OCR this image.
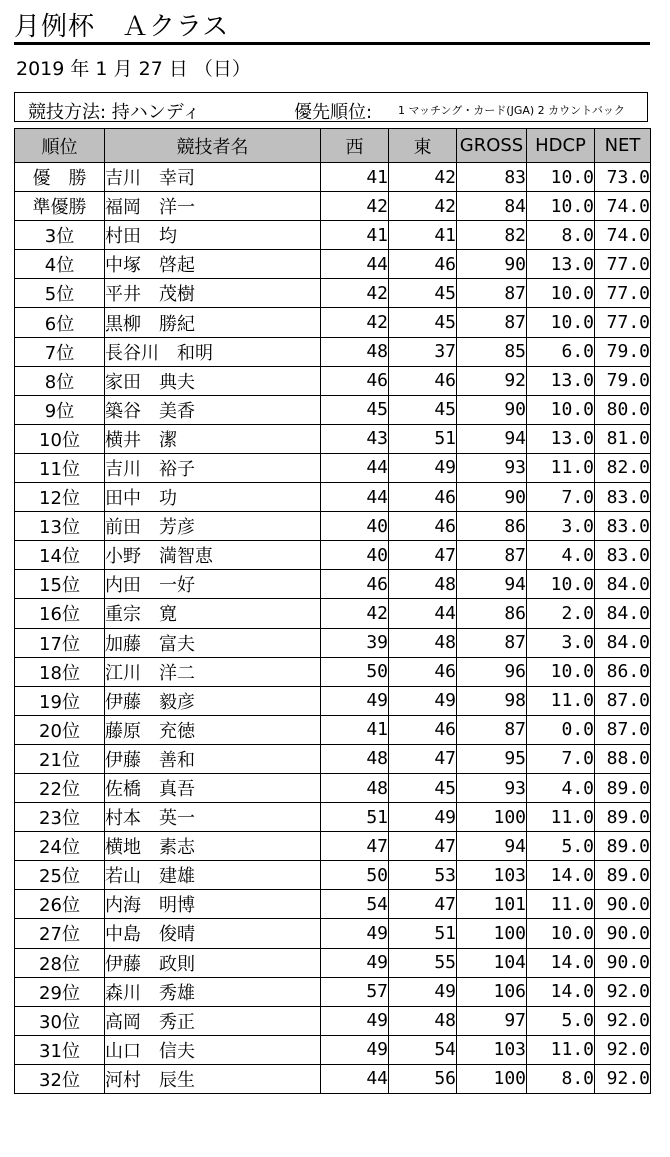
月例杯　Ａクラス
2019 年 1 月 27 日 （日）
競技方法: 持ハンディ	優先順位: 1 マッチング・カード(JGA) 2 カウントバック
順位	競技者名	西	東	GROSS	HDCP	NET
優　勝	吉川　幸司	41	42	83	10.0	73.0
準優勝	福岡　洋一	42	42	84	10.0	74.0
3位	村田　均	41	41	82	8.0	74.0
4位	中塚　啓起	44	46	90	13.0	77.0
5位	平井　茂樹	42	45	87	10.0	77.0
6位	黒柳　勝紀	42	45	87	10.0	77.0
7位	長谷川　和明	48	37	85	6.0	79.0
8位	家田　典夫	46	46	92	13.0	79.0
9位	築谷　美香	45	45	90	10.0	80.0
10位	横井　潔	43	51	94	13.0	81.0
11位	吉川　裕子	44	49	93	11.0	82.0
12位	田中　功	44	46	90	7.0	83.0
13位	前田　芳彦	40	46	86	3.0	83.0
14位	小野　満智恵	40	47	87	4.0	83.0
15位	内田　一好	46	48	94	10.0	84.0
16位	重宗　寛	42	44	86	2.0	84.0
17位	加藤　富夫	39	48	87	3.0	84.0
18位	江川　洋二	50	46	96	10.0	86.0
19位	伊藤　毅彦	49	49	98	11.0	87.0
20位	藤原　充徳	41	46	87	0.0	87.0
21位	伊藤　善和	48	47	95	7.0	88.0
22位	佐橋　真吾	48	45	93	4.0	89.0
23位	村本　英一	51	49	100	11.0	89.0
24位	横地　素志	47	47	94	5.0	89.0
25位	若山　建雄	50	53	103	14.0	89.0
26位	内海　明博	54	47	101	11.0	90.0
27位	中島　俊晴	49	51	100	10.0	90.0
28位	伊藤　政則	49	55	104	14.0	90.0
29位	森川　秀雄	57	49	106	14.0	92.0
30位	高岡　秀正	49	48	97	5.0	92.0
31位	山口　信夫	49	54	103	11.0	92.0
32位	河村　辰生	44	56	100	8.0	92.0
